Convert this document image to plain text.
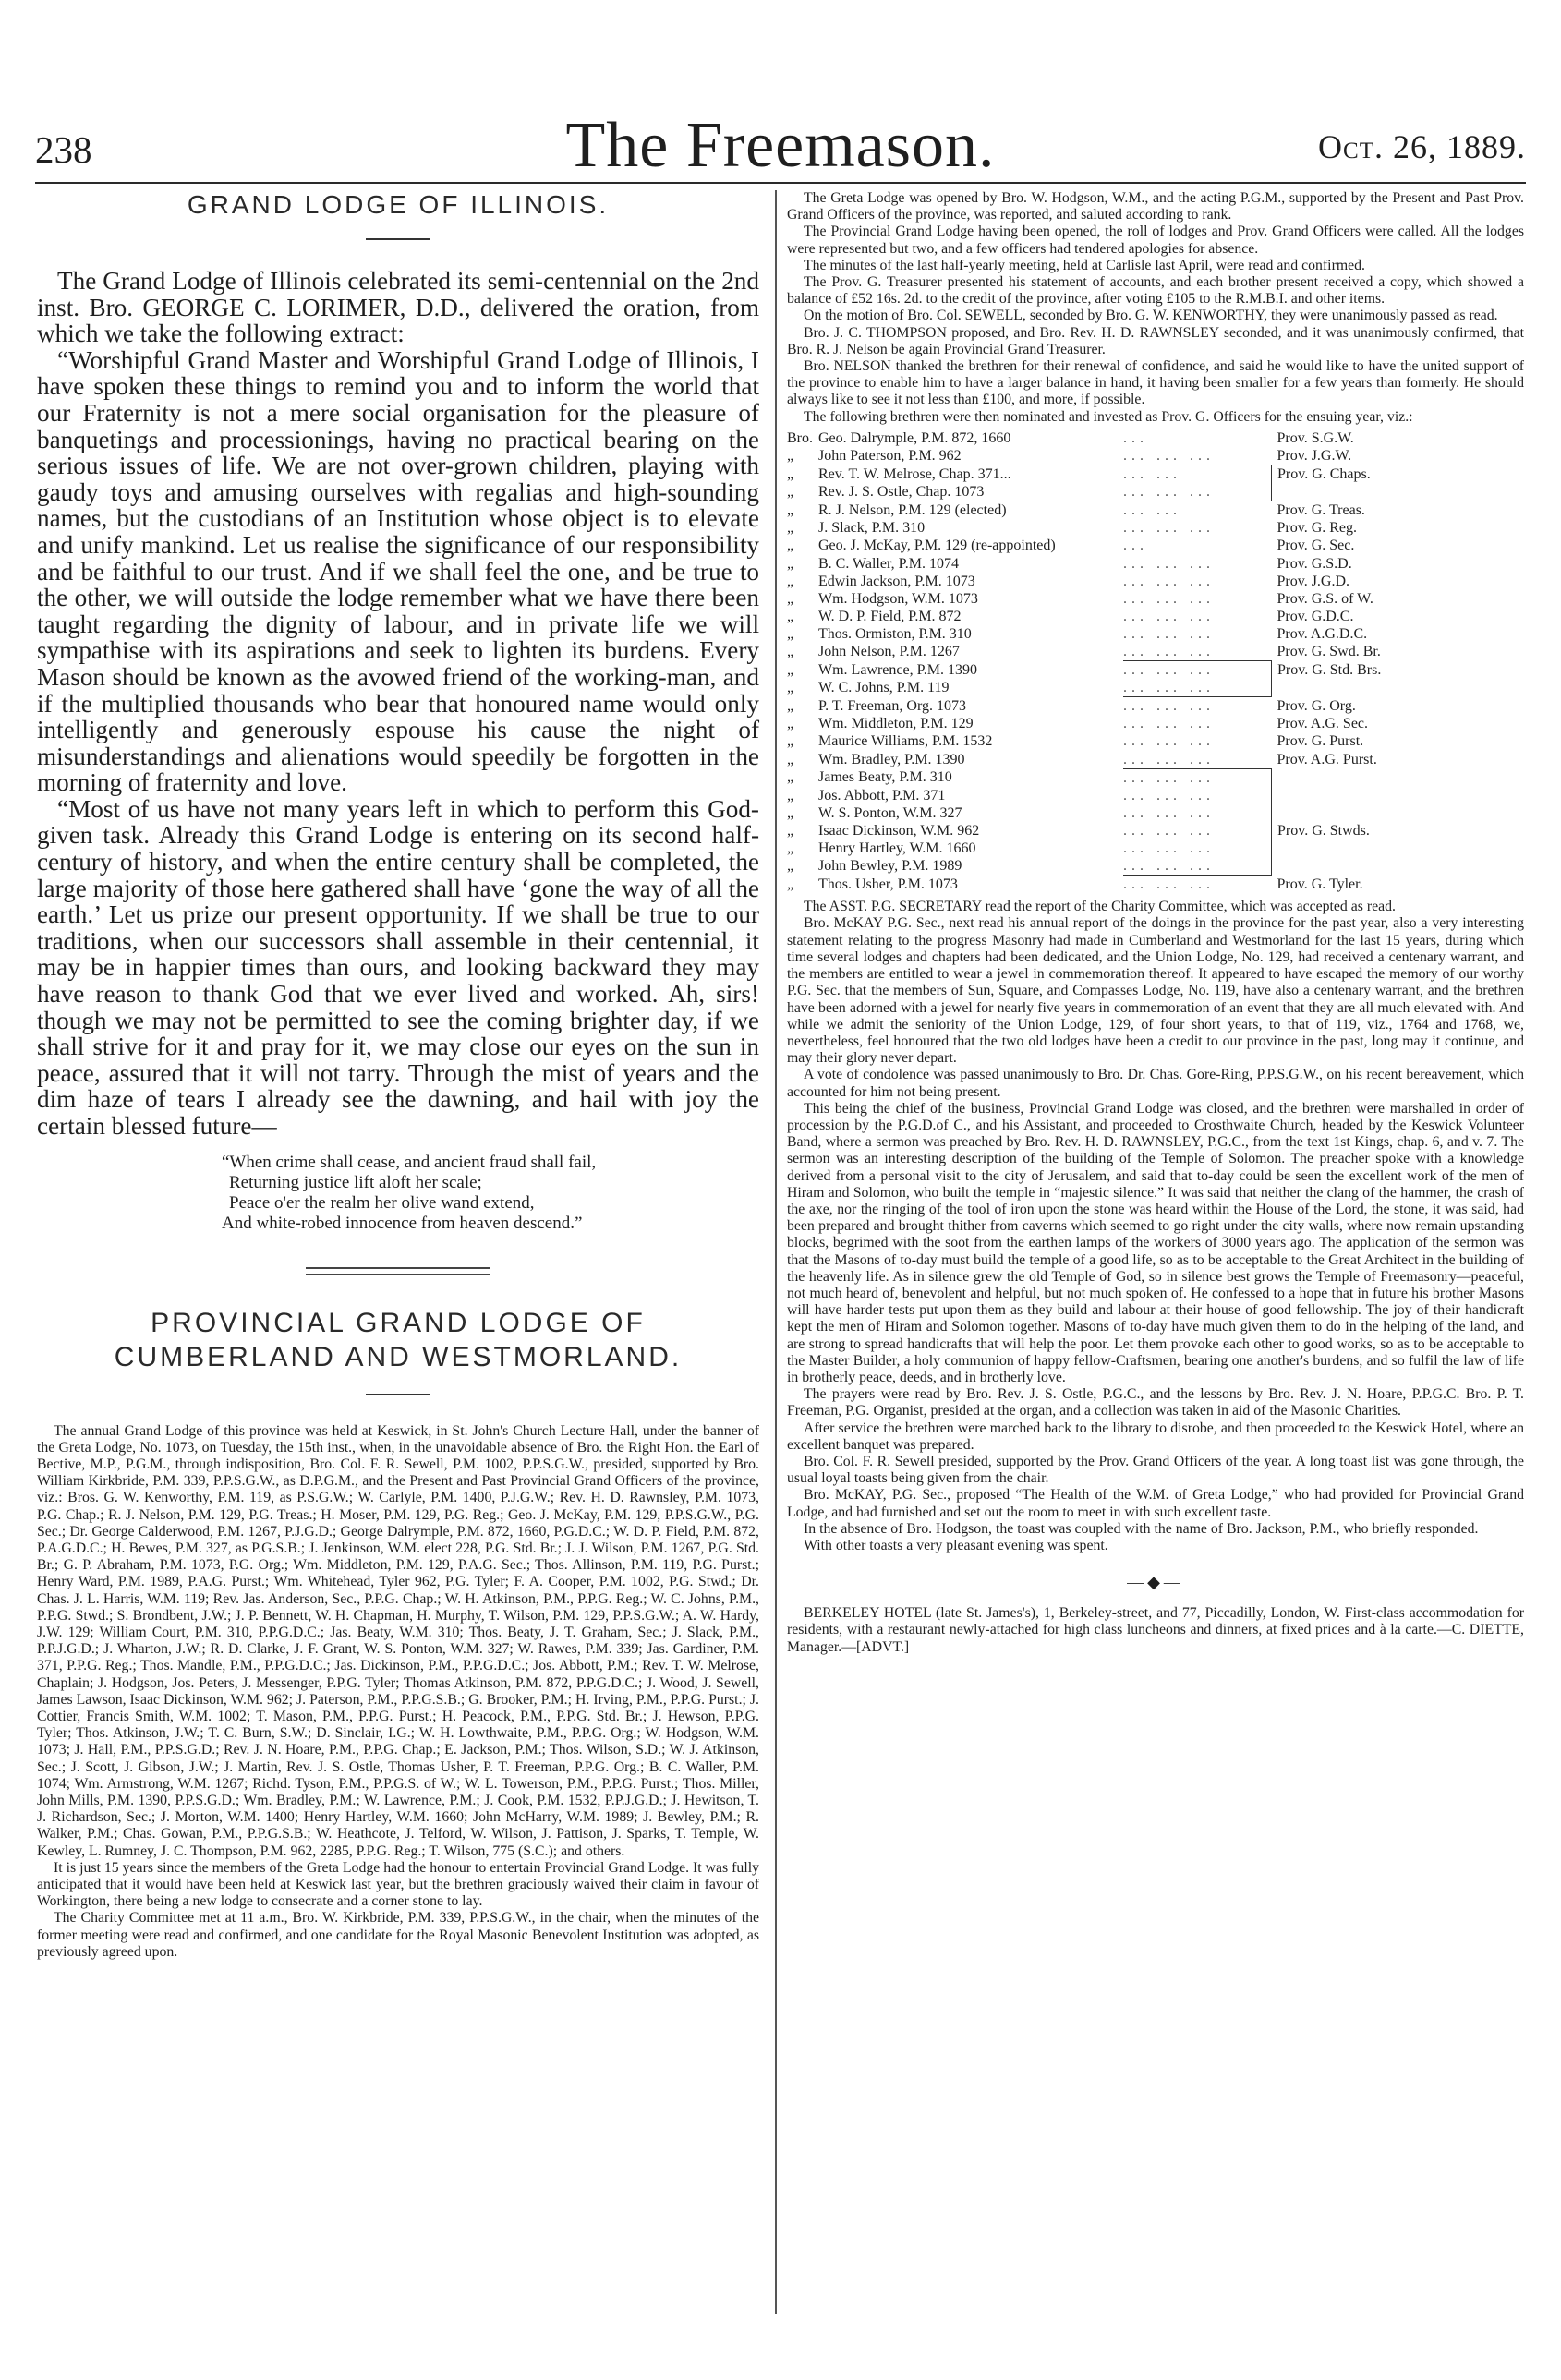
238	The Freemason.	Oct. 26, 1889.
GRAND LODGE OF ILLINOIS.

The Grand Lodge of Illinois celebrated its semi-centennial on the 2nd inst. Bro. GEORGE C. LORIMER, D.D., delivered the oration, from which we take the following extract:

“Worshipful Grand Master and Worshipful Grand Lodge of Illinois, I have spoken these things to remind you and to inform the world that our Fraternity is not a mere social organisation for the pleasure of banquetings and processionings, having no practical bearing on the serious issues of life. We are not over-grown children, playing with gaudy toys and amusing ourselves with regalias and high-sounding names, but the custodians of an Institution whose object is to elevate and unify mankind. Let us realise the significance of our responsibility and be faithful to our trust. And if we shall feel the one, and be true to the other, we will outside the lodge remember what we have there been taught regarding the dignity of labour, and in private life we will sympathise with its aspirations and seek to lighten its burdens. Every Mason should be known as the avowed friend of the working-man, and if the multiplied thousands who bear that honoured name would only intelligently and generously espouse his cause the night of misunderstandings and alienations would speedily be forgotten in the morning of fraternity and love.

“Most of us have not many years left in which to perform this God-given task. Already this Grand Lodge is entering on its second half-century of history, and when the entire century shall be completed, the large majority of those here gathered shall have ‘gone the way of all the earth.’ Let us prize our present opportunity. If we shall be true to our traditions, when our successors shall assemble in their centennial, it may be in happier times than ours, and looking backward they may have reason to thank God that we ever lived and worked. Ah, sirs! though we may not be permitted to see the coming brighter day, if we shall strive for it and pray for it, we may close our eyes on the sun in peace, assured that it will not tarry. Through the mist of years and the dim haze of tears I already see the dawning, and hail with joy the certain blessed future—

“When crime shall cease, and ancient fraud shall fail,
Returning justice lift aloft her scale;
Peace o'er the realm her olive wand extend,
And white-robed innocence from heaven descend.”
PROVINCIAL GRAND LODGE OF
CUMBERLAND AND WESTMORLAND.

The annual Grand Lodge of this province was held at Keswick, in St. John's Church Lecture Hall, under the banner of the Greta Lodge, No. 1073, on Tuesday, the 15th inst., when, in the unavoidable absence of Bro. the Right Hon. the Earl of Bective, M.P., P.G.M., through indisposition, Bro. Col. F. R. Sewell, P.M. 1002, P.P.S.G.W., presided, supported by Bro. William Kirkbride, P.M. 339, P.P.S.G.W., as D.P.G.M., and the Present and Past Provincial Grand Officers of the province, viz.: Bros. G. W. Kenworthy, P.M. 119, as P.S.G.W.; W. Carlyle, P.M. 1400, P.J.G.W.; Rev. H. D. Rawnsley, P.M. 1073, P.G. Chap.; R. J. Nelson, P.M. 129, P.G. Treas.; H. Moser, P.M. 129, P.G. Reg.; Geo. J. McKay, P.M. 129, P.P.S.G.W., P.G. Sec.; Dr. George Calderwood, P.M. 1267, P.J.G.D.; George Dalrymple, P.M. 872, 1660, P.G.D.C.; W. D. P. Field, P.M. 872, P.A.G.D.C.; H. Bewes, P.M. 327, as P.G.S.B.; J. Jenkinson, W.M. elect 228, P.G. Std. Br.; J. J. Wilson, P.M. 1267, P.G. Std. Br.; G. P. Abraham, P.M. 1073, P.G. Org.; Wm. Middleton, P.M. 129, P.A.G. Sec.; Thos. Allinson, P.M. 119, P.G. Purst.; Henry Ward, P.M. 1989, P.A.G. Purst.; Wm. Whitehead, Tyler 962, P.G. Tyler; F. A. Cooper, P.M. 1002, P.G. Stwd.; Dr. Chas. J. L. Harris, W.M. 119; Rev. Jas. Anderson, Sec., P.P.G. Chap.; W. H. Atkinson, P.M., P.P.G. Reg.; W. C. Johns, P.M., P.P.G. Stwd.; S. Brondbent, J.W.; J. P. Bennett, W. H. Chapman, H. Murphy, T. Wilson, P.M. 129, P.P.S.G.W.; A. W. Hardy, J.W. 129; William Court, P.M. 310, P.P.G.D.C.; Jas. Beaty, W.M. 310; Thos. Beaty, J. T. Graham, Sec.; J. Slack, P.M., P.P.J.G.D.; J. Wharton, J.W.; R. D. Clarke, J. F. Grant, W. S. Ponton, W.M. 327; W. Rawes, P.M. 339; Jas. Gardiner, P.M. 371, P.P.G. Reg.; Thos. Mandle, P.M., P.P.G.D.C.; Jas. Dickinson, P.M., P.P.G.D.C.; Jos. Abbott, P.M.; Rev. T. W. Melrose, Chaplain; J. Hodgson, Jos. Peters, J. Messenger, P.P.G. Tyler; Thomas Atkinson, P.M. 872, P.P.G.D.C.; J. Wood, J. Sewell, James Lawson, Isaac Dickinson, W.M. 962; J. Paterson, P.M., P.P.G.S.B.; G. Brooker, P.M.; H. Irving, P.M., P.P.G. Purst.; J. Cottier, Francis Smith, W.M. 1002; T. Mason, P.M., P.P.G. Purst.; H. Peacock, P.M., P.P.G. Std. Br.; J. Hewson, P.P.G. Tyler; Thos. Atkinson, J.W.; T. C. Burn, S.W.; D. Sinclair, I.G.; W. H. Lowthwaite, P.M., P.P.G. Org.; W. Hodgson, W.M. 1073; J. Hall, P.M., P.P.S.G.D.; Rev. J. N. Hoare, P.M., P.P.G. Chap.; E. Jackson, P.M.; Thos. Wilson, S.D.; W. J. Atkinson, Sec.; J. Scott, J. Gibson, J.W.; J. Martin, Rev. J. S. Ostle, Thomas Usher, P. T. Freeman, P.P.G. Org.; B. C. Waller, P.M. 1074; Wm. Armstrong, W.M. 1267; Richd. Tyson, P.M., P.P.G.S. of W.; W. L. Towerson, P.M., P.P.G. Purst.; Thos. Miller, John Mills, P.M. 1390, P.P.S.G.D.; Wm. Bradley, P.M.; W. Lawrence, P.M.; J. Cook, P.M. 1532, P.P.J.G.D.; J. Hewitson, T. J. Richardson, Sec.; J. Morton, W.M. 1400; Henry Hartley, W.M. 1660; John McHarry, W.M. 1989; J. Bewley, P.M.; R. Walker, P.M.; Chas. Gowan, P.M., P.P.G.S.B.; W. Heathcote, J. Telford, W. Wilson, J. Pattison, J. Sparks, T. Temple, W. Kewley, L. Rumney, J. C. Thompson, P.M. 962, 2285, P.P.G. Reg.; T. Wilson, 775 (S.C.); and others.

It is just 15 years since the members of the Greta Lodge had the honour to entertain Provincial Grand Lodge. It was fully anticipated that it would have been held at Keswick last year, but the brethren graciously waived their claim in favour of Workington, there being a new lodge to consecrate and a corner stone to lay.

The Charity Committee met at 11 a.m., Bro. W. Kirkbride, P.M. 339, P.P.S.G.W., in the chair, when the minutes of the former meeting were read and confirmed, and one candidate for the Royal Masonic Benevolent Institution was adopted, as previously agreed upon.

The Greta Lodge was opened by Bro. W. Hodgson, W.M., and the acting P.G.M., supported by the Present and Past Prov. Grand Officers of the province, was reported, and saluted according to rank.

The Provincial Grand Lodge having been opened, the roll of lodges and Prov. Grand Officers were called. All the lodges were represented but two, and a few officers had tendered apologies for absence.

The minutes of the last half-yearly meeting, held at Carlisle last April, were read and confirmed.

The Prov. G. Treasurer presented his statement of accounts, and each brother present received a copy, which showed a balance of £52 16s. 2d. to the credit of the province, after voting £105 to the R.M.B.I. and other items.

On the motion of Bro. Col. SEWELL, seconded by Bro. G. W. KENWORTHY, they were unanimously passed as read.

Bro. J. C. THOMPSON proposed, and Bro. Rev. H. D. RAWNSLEY seconded, and it was unanimously confirmed, that Bro. R. J. Nelson be again Provincial Grand Treasurer.

Bro. NELSON thanked the brethren for their renewal of confidence, and said he would like to have the united support of the province to enable him to have a larger balance in hand, it having been smaller for a few years than formerly. He should always like to see it not less than £100, and more, if possible.

The following brethren were then nominated and invested as Prov. G. Officers for the ensuing year, viz.:

Bro.	Geo. Dalrymple, P.M. 872, 1660	...	Prov. S.G.W.
„	John Paterson, P.M. 962	... ... ...	Prov. J.G.W.
„	Rev. T. W. Melrose, Chap. 371...	... ...	Prov. G. Chaps.
„	Rev. J. S. Ostle, Chap. 1073	... ... ...	
„	R. J. Nelson, P.M. 129 (elected)	... ...	Prov. G. Treas.
„	J. Slack, P.M. 310	... ... ...	Prov. G. Reg.
„	Geo. J. McKay, P.M. 129 (re-appointed)	...	Prov. G. Sec.
„	B. C. Waller, P.M. 1074	... ... ...	Prov. G.S.D.
„	Edwin Jackson, P.M. 1073	... ... ...	Prov. J.G.D.
„	Wm. Hodgson, W.M. 1073	... ... ...	Prov. G.S. of W.
„	W. D. P. Field, P.M. 872	... ... ...	Prov. G.D.C.
„	Thos. Ormiston, P.M. 310	... ... ...	Prov. A.G.D.C.
„	John Nelson, P.M. 1267	... ... ...	Prov. G. Swd. Br.
„	Wm. Lawrence, P.M. 1390	... ... ...	Prov. G. Std. Brs.
„	W. C. Johns, P.M. 119	... ... ...	
„	P. T. Freeman, Org. 1073	... ... ...	Prov. G. Org.
„	Wm. Middleton, P.M. 129	... ... ...	Prov. A.G. Sec.
„	Maurice Williams, P.M. 1532	... ... ...	Prov. G. Purst.
„	Wm. Bradley, P.M. 1390	... ... ...	Prov. A.G. Purst.
„	James Beaty, P.M. 310	... ... ...	
„	Jos. Abbott, P.M. 371	... ... ...	
„	W. S. Ponton, W.M. 327	... ... ...	
„	Isaac Dickinson, W.M. 962	... ... ...	Prov. G. Stwds.
„	Henry Hartley, W.M. 1660	... ... ...	
„	John Bewley, P.M. 1989	... ... ...	
„	Thos. Usher, P.M. 1073	... ... ...	Prov. G. Tyler.

The ASST. P.G. SECRETARY read the report of the Charity Committee, which was accepted as read.

Bro. McKAY P.G. Sec., next read his annual report of the doings in the province for the past year, also a very interesting statement relating to the progress Masonry had made in Cumberland and Westmorland for the last 15 years, during which time several lodges and chapters had been dedicated, and the Union Lodge, No. 129, had received a centenary warrant, and the members are entitled to wear a jewel in commemoration thereof. It appeared to have escaped the memory of our worthy P.G. Sec. that the members of Sun, Square, and Compasses Lodge, No. 119, have also a centenary warrant, and the brethren have been adorned with a jewel for nearly five years in commemoration of an event that they are all much elevated with. And while we admit the seniority of the Union Lodge, 129, of four short years, to that of 119, viz., 1764 and 1768, we, nevertheless, feel honoured that the two old lodges have been a credit to our province in the past, long may it continue, and may their glory never depart.

A vote of condolence was passed unanimously to Bro. Dr. Chas. Gore-Ring, P.P.S.G.W., on his recent bereavement, which accounted for him not being present.

This being the chief of the business, Provincial Grand Lodge was closed, and the brethren were marshalled in order of procession by the P.G.D.of C., and his Assistant, and proceeded to Crosthwaite Church, headed by the Keswick Volunteer Band, where a sermon was preached by Bro. Rev. H. D. RAWNSLEY, P.G.C., from the text 1st Kings, chap. 6, and v. 7. The sermon was an interesting description of the building of the Temple of Solomon. The preacher spoke with a knowledge derived from a personal visit to the city of Jerusalem, and said that to-day could be seen the excellent work of the men of Hiram and Solomon, who built the temple in “majestic silence.” It was said that neither the clang of the hammer, the crash of the axe, nor the ringing of the tool of iron upon the stone was heard within the House of the Lord, the stone, it was said, had been prepared and brought thither from caverns which seemed to go right under the city walls, where now remain upstanding blocks, begrimed with the soot from the earthen lamps of the workers of 3000 years ago. The application of the sermon was that the Masons of to-day must build the temple of a good life, so as to be acceptable to the Great Architect in the building of the heavenly life. As in silence grew the old Temple of God, so in silence best grows the Temple of Freemasonry—peaceful, not much heard of, benevolent and helpful, but not much spoken of. He confessed to a hope that in future his brother Masons will have harder tests put upon them as they build and labour at their house of good fellowship. The joy of their handicraft kept the men of Hiram and Solomon together. Masons of to-day have much given them to do in the helping of the land, and are strong to spread handicrafts that will help the poor. Let them provoke each other to good works, so as to be acceptable to the Master Builder, a holy communion of happy fellow-Craftsmen, bearing one another's burdens, and so fulfil the law of life in brotherly peace, deeds, and in brotherly love.

The prayers were read by Bro. Rev. J. S. Ostle, P.G.C., and the lessons by Bro. Rev. J. N. Hoare, P.P.G.C. Bro. P. T. Freeman, P.G. Organist, presided at the organ, and a collection was taken in aid of the Masonic Charities.

After service the brethren were marched back to the library to disrobe, and then proceeded to the Keswick Hotel, where an excellent banquet was prepared.

Bro. Col. F. R. Sewell presided, supported by the Prov. Grand Officers of the year. A long toast list was gone through, the usual loyal toasts being given from the chair.

Bro. McKAY, P.G. Sec., proposed “The Health of the W.M. of Greta Lodge,” who had provided for Provincial Grand Lodge, and had furnished and set out the room to meet in with such excellent taste.

In the absence of Bro. Hodgson, the toast was coupled with the name of Bro. Jackson, P.M., who briefly responded.

With other toasts a very pleasant evening was spent.

—◆—

BERKELEY HOTEL (late St. James's), 1, Berkeley-street, and 77, Piccadilly, London, W. First-class accommodation for residents, with a restaurant newly-attached for high class luncheons and dinners, at fixed prices and à la carte.—C. DIETTE, Manager.—[ADVT.]
